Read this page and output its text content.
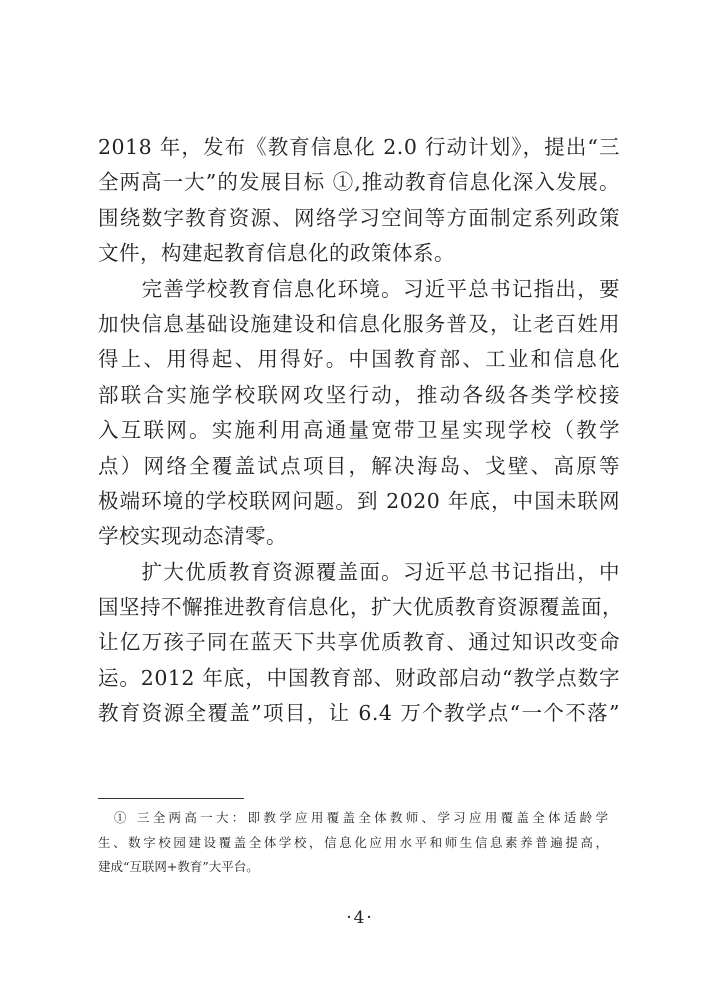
2018 年，发布《教育信息化 2.0 行动计划》，提出“三
全两高一大”的发展目标 ①,推动教育信息化深入发展。
围绕数字教育资源、网络学习空间等方面制定系列政策
文件，构建起教育信息化的政策体系。
　　完善学校教育信息化环境。习近平总书记指出，要
加快信息基础设施建设和信息化服务普及，让老百姓用
得上、用得起、用得好。中国教育部、工业和信息化
部联合实施学校联网攻坚行动，推动各级各类学校接
入互联网。实施利用高通量宽带卫星实现学校（教学
点）网络全覆盖试点项目，解决海岛、戈壁、高原等
极端环境的学校联网问题。到 2020 年底，中国未联网
学校实现动态清零。
　　扩大优质教育资源覆盖面。习近平总书记指出，中
国坚持不懈推进教育信息化，扩大优质教育资源覆盖面，
让亿万孩子同在蓝天下共享优质教育、通过知识改变命
运。2012 年底，中国教育部、财政部启动“教学点数字
教育资源全覆盖”项目，让 6.4 万个教学点“一个不落”
　① 三全两高一大：即教学应用覆盖全体教师、学习应用覆盖全体适龄学
生、数字校园建设覆盖全体学校，信息化应用水平和师生信息素养普遍提高，
建成“互联网+教育”大平台。
·4·
